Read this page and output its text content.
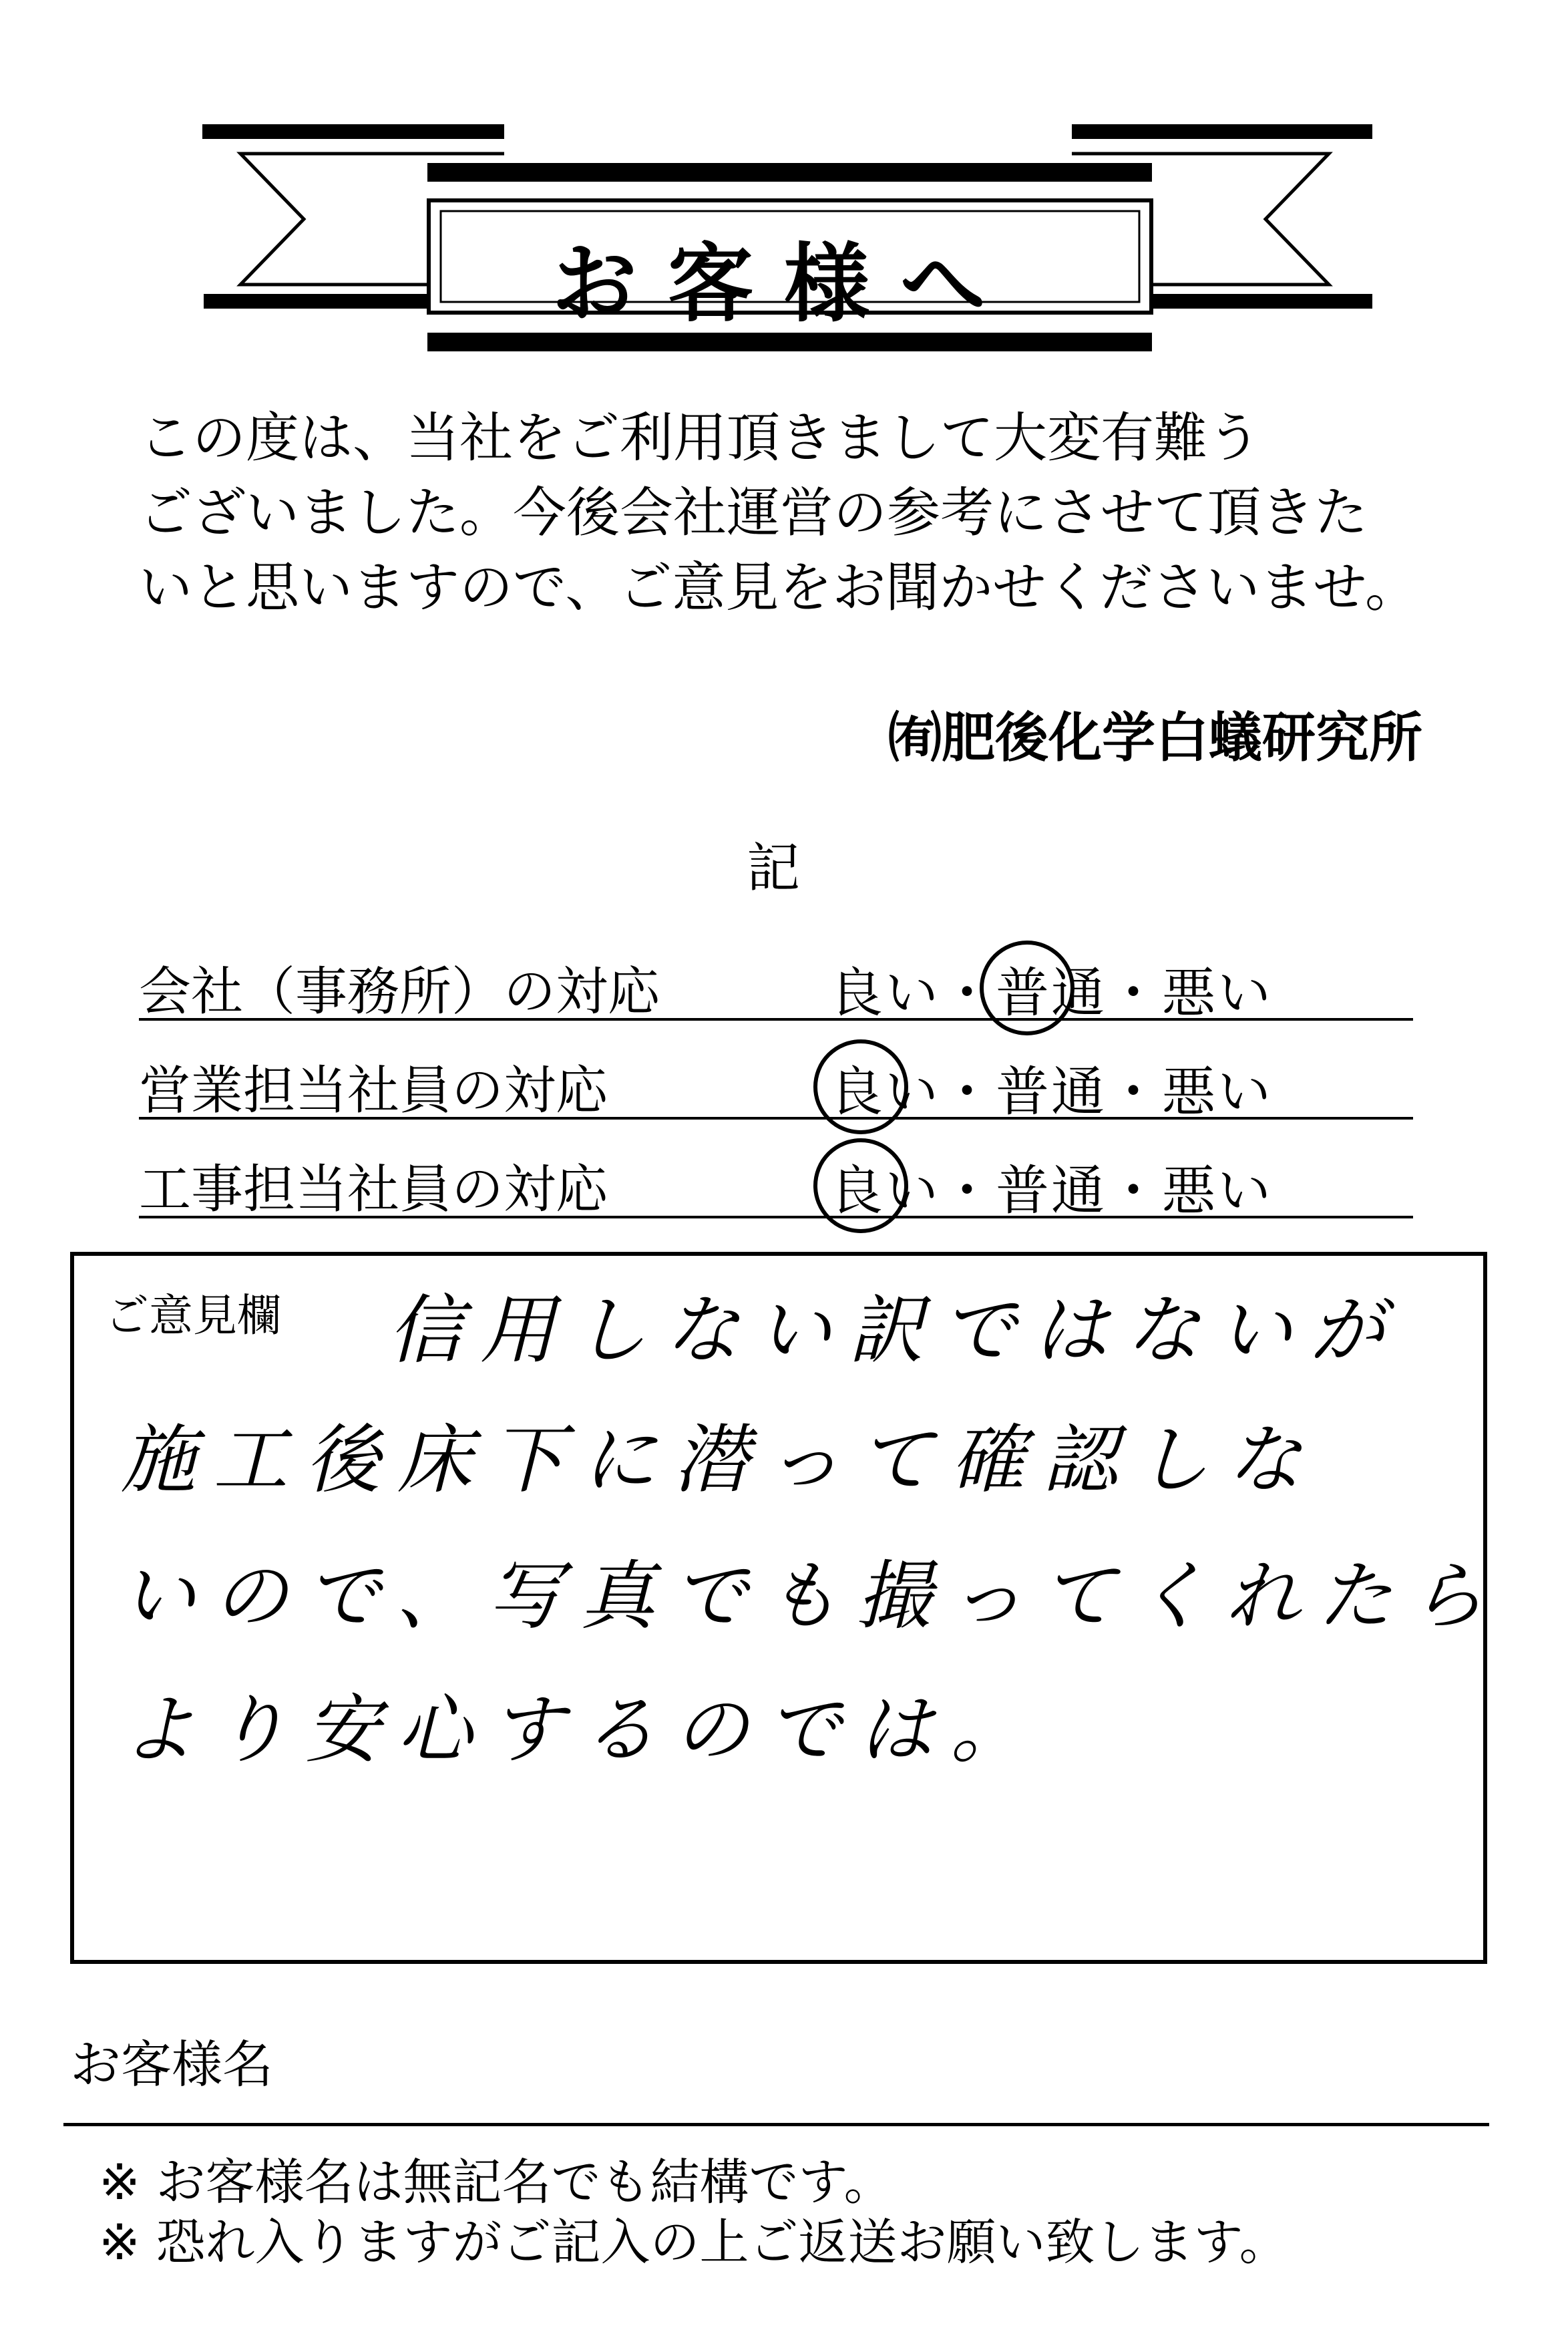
お客様へ
この度は、当社をご利用頂きまして大変有難う
ございました。今後会社運営の参考にさせて頂きた
いと思いますので、ご意見をお聞かせくださいませ。
㈲肥後化学白蟻研究所
記
会社（事務所）の対応	良い・普通・悪い
営業担当社員の対応	良い・普通・悪い
工事担当社員の対応	良い・普通・悪い
ご意見欄 信用しない訳ではないが
施工後床下に潜って確認しな
いので、写真でも撮ってくれたら
より安心するのでは。
お客様名
※ お客様名は無記名でも結構です。
※ 恐れ入りますがご記入の上ご返送お願い致します。
